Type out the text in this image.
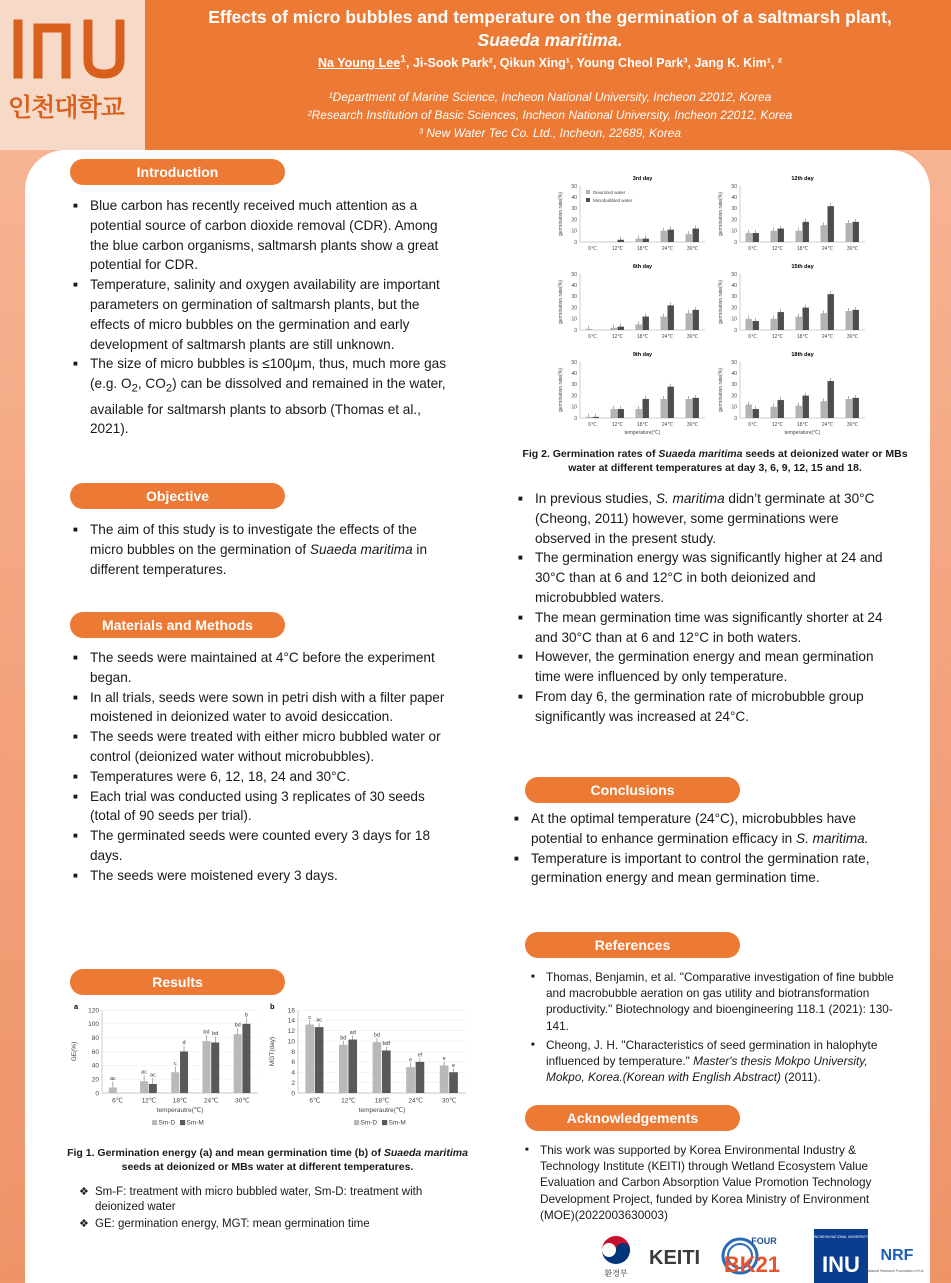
INU
인천대학교
Effects of micro bubbles and temperature on the germination of a saltmarsh plant,
Suaeda maritima.
Na Young Lee$^1$, Ji-Sook Park², Qikun Xing¹, Young Cheol Park³, Jang K. Kim¹, ²
¹Department of Marine Science, Incheon National University, Incheon 22012, Korea
²Research Institution of Basic Sciences, Incheon National University, Incheon 22012, Korea
³ New Water Tec Co. Ltd., Incheon, 22689, Korea
Introduction
■ Blue carbon has recently received much attention as a potential source of carbon dioxide removal (CDR). Among the blue carbon organisms, saltmarsh plants show a great potential for CDR.
■ Temperature, salinity and oxygen availability are important parameters on germination of saltmarsh plants, but the effects of micro bubbles on the germination and early development of saltmarsh plants are still unknown.
■ The size of micro bubbles is ≤100μm, thus, much more gas (e.g. $O_2$, $CO_2$) can be dissolved and remained in the water, available for saltmarsh plants to absorb (Thomas et al., 2021).
Objective
■ The aim of this study is to investigate the effects of the micro bubbles on the germination of Suaeda maritima in different temperatures.
Materials and Methods
■ The seeds were maintained at 4°C before the experiment began.
■ In all trials, seeds were sown in petri dish with a filter paper moistened in deionized water to avoid desiccation.
■ The seeds were treated with either micro bubbled water or control (deionized water without microbubbles).
■ Temperatures were 6, 12, 18, 24 and 30°C.
■ Each trial was conducted using 3 replicates of 30 seeds (total of 90 seeds per trial).
■ The germinated seeds were counted every 3 days for 18 days.
■ The seeds were moistened every 3 days.
Results
a
0
20
40
60
80
100
120
6℃
ac
12℃
ac ac
18℃
c
d
24℃
bd bd
30℃
bd
b
GE(%)
temperautre(℃)
Sm-D Sm-M
b
0
2
4
6
8
10
12
14
16
6℃
c ac
12℃
bd
ad
18℃
bd
bdf
24℃
e
ef
30℃
e
e
MGT(day)
temperautre(℃)
Sm-D Sm-M
Fig 1. Germination energy (a) and mean germination time (b) of Suaeda maritima seeds at deionized or MBs water at different temperatures.
❖ Sm-F: treatment with micro bubbled water, Sm-D: treatment with deionized water
❖ GE: germination energy, MGT: mean germination time
3rd day
0
10
20
30
40
50
6℃	12℃	18℃	24℃	30℃
germination rate(%)	Deionized water
Microbubbled water
12th day
0
10
20
30
40
50
6℃	12℃	18℃	24℃	30℃
germination rate(%)
6th day
0
10
20
30
40
50
6℃	12℃	18℃	24℃	30℃
germination rate(%)
15th day
0
10
20
30
40
50
6℃	12℃	18℃	24℃	30℃
germination rate(%)
9th day
0
10
20
30
40
50
6℃	12℃	18℃	24℃	30℃
germination rate(%)
temperature(℃)
18th day
0
10
20
30
40
50
6℃	12℃	18℃	24℃	30℃
germination rate(%)
temperature(℃)
Fig 2. Germination rates of Suaeda maritima seeds at deionized water or MBs water at different temperatures at day 3, 6, 9, 12, 15 and 18.
■ In previous studies, S. maritima didn’t germinate at 30°C (Cheong, 2011) however, some germinations were observed in the present study.
■ The germination energy was significantly higher at 24 and 30°C than at 6 and 12°C in both deionized and microbubbled waters.
■ The mean germination time was significantly shorter at 24 and 30°C than at 6 and 12°C in both waters.
■ However, the germination energy and mean germination time were influenced by only temperature.
■ From day 6, the germination rate of microbubble group significantly was increased at 24°C.
Conclusions
■ At the optimal temperature (24°C), microbubbles have potential to enhance germination efficacy in S. maritima.
■ Temperature is important to control the germination rate, germination energy and mean germination time.
References
■ Thomas, Benjamin, et al. "Comparative investigation of fine bubble and macrobubble aeration on gas utility and biotransformation productivity." Biotechnology and bioengineering 118.1 (2021): 130-141.
■ Cheong, J. H. "Characteristics of seed germination in halophyte influenced by temperature." Master's thesis Mokpo University, Mokpo, Korea.(Korean with English Abstract) (2011).
Acknowledgements
■ This work was supported by Korea Environmental Industry & Technology Institute (KEITI) through Wetland Ecosystem Value Evaluation and Carbon Absorption Value Promotion Technology Development Project, funded by Korea Ministry of Environment (MOE)(2022003630003)
환경부
KEITI
FOUR
BK21
INCHEON NATIONAL UNIVERSITY
INU NRF
National Research Foundation of Korea
